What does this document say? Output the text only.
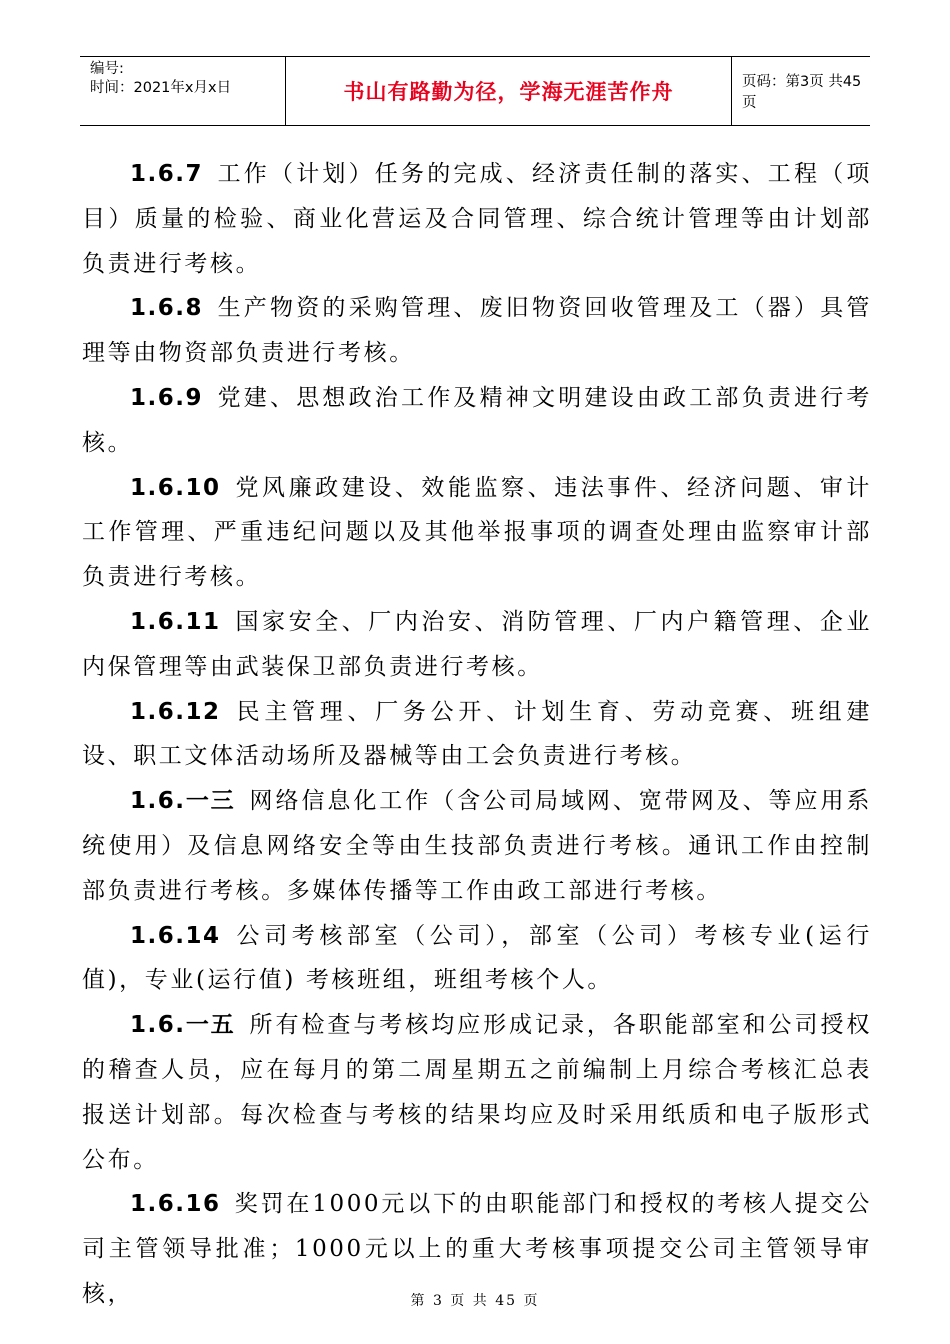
编号:
时间：2021年x月x日	书山有路勤为径，学海无涯苦作舟	页码：第3页 共45页

1.6.7 工作（计划）任务的完成、经济责任制的落实、工程（项目）质量的检验、商业化营运及合同管理、综合统计管理等由计划部负责进行考核。

1.6.8 生产物资的采购管理、废旧物资回收管理及工（器）具管理等由物资部负责进行考核。

1.6.9 党建、思想政治工作及精神文明建设由政工部负责进行考核。

1.6.10 党风廉政建设、效能监察、违法事件、经济问题、审计工作管理、严重违纪问题以及其他举报事项的调查处理由监察审计部负责进行考核。

1.6.11 国家安全、厂内治安、消防管理、厂内户籍管理、企业内保管理等由武装保卫部负责进行考核。

1.6.12 民主管理、厂务公开、计划生育、劳动竞赛、班组建设、职工文体活动场所及器械等由工会负责进行考核。

1.6.一三 网络信息化工作（含公司局域网、宽带网及、等应用系统使用）及信息网络安全等由生技部负责进行考核。通讯工作由控制部负责进行考核。多媒体传播等工作由政工部进行考核。

1.6.14 公司考核部室（公司），部室（公司）考核专业(运行值)，专业(运行值) 考核班组，班组考核个人。

1.6.一五 所有检查与考核均应形成记录，各职能部室和公司授权的稽查人员，应在每月的第二周星期五之前编制上月综合考核汇总表报送计划部。每次检查与考核的结果均应及时采用纸质和电子版形式公布。

1.6.16 奖罚在1000元以下的由职能部门和授权的考核人提交公司主管领导批准；1000元以上的重大考核事项提交公司主管领导审核，	第 3 页 共 45 页
